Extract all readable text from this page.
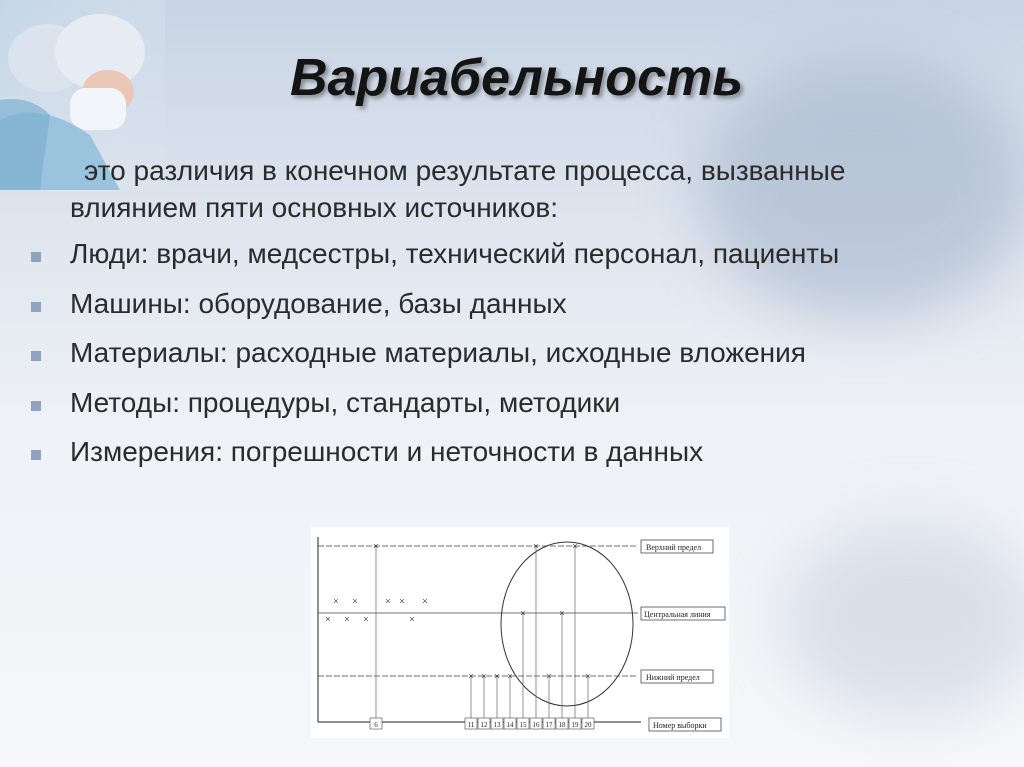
Вариабельность

это различия в конечном результате процесса, вызванные
влиянием пяти основных источников:

Люди: врачи, медсестры, технический персонал, пациенты
Машины: оборудование, базы данных
Материалы: расходные материалы, исходные вложения
Методы: процедуры, стандарты, методики
Измерения: погрешности и неточности в данных
Верхний предел
Центральная линия
Нижний предел
Номер выборки
×
×
×
× ×
×
× ×
×
×
× × × ×
×
×
×
×
×
×
6	11 12 13 14 15 16 17 18 19 20
